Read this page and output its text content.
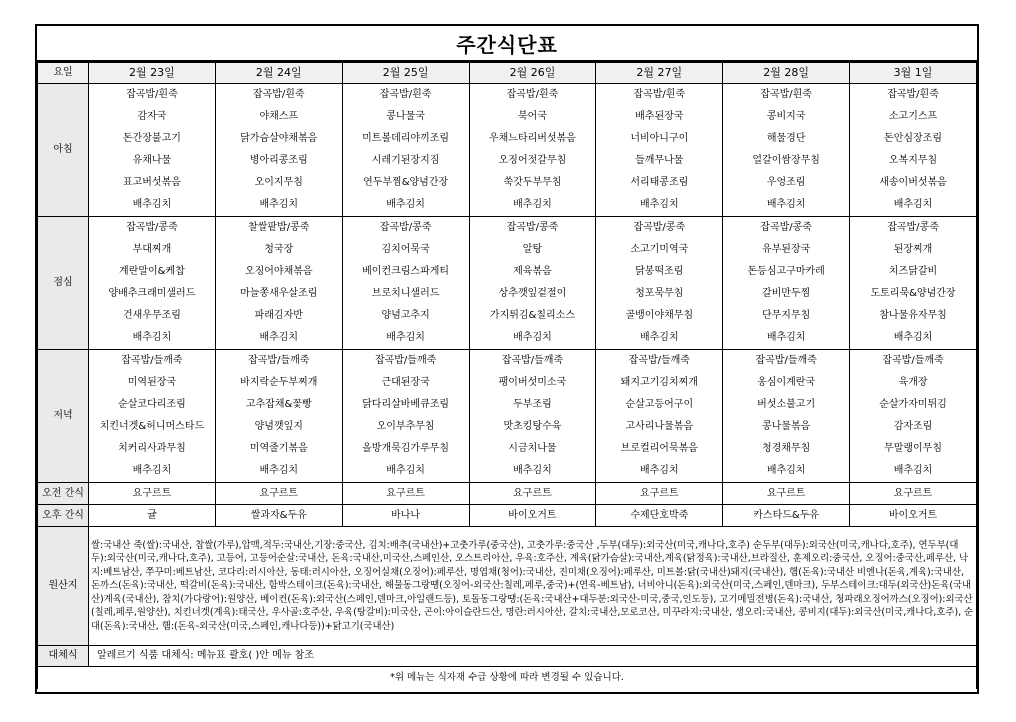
주간식단표
요일	2월 23일	2월 24일	2월 25일	2월 26일	2월 27일	2월 28일	3월 1일
아침	잡곡밥/흰죽	잡곡밥/흰죽	잡곡밥/흰죽	잡곡밥/흰죽	잡곡밥/흰죽	잡곡밥/흰죽	잡곡밥/흰죽
	감자국	야채스프	콩나물국	북어국	배추된장국	콩비지국	소고기스프
	돈간장불고기	닭가슴살야채볶음	미트볼데리야끼조림	우채느타리버섯볶음	너비아니구이	해물경단	돈안심장조림
	유채나물	병아리콩조림	시레기된장지짐	오징어젓갈무침	들깨무나물	얼갈이쌈장무침	오복지무침
	표고버섯볶음	오이지무침	연두부찜&양념간장	쑥갓두부무침	서리태콩조림	우엉조림	새송이버섯볶음
	배추김치	배추김치	배추김치	배추김치	배추김치	배추김치	배추김치
점심	잡곡밥/콩죽	찰쌀팥밥/콩죽	잡곡밥/콩죽	잡곡밥/콩죽	잡곡밥/콩죽	잡곡밥/콩죽	잡곡밥/콩죽
	부대찌개	청국장	김치어묵국	알탕	소고기미역국	유부된장국	된장찌개
	계란말이&케찹	오징어야채볶음	베이컨크림스파게티	제육볶음	닭봉떡조림	돈등심고구마카레	치즈닭갈비
	양배추크래미샐러드	마늘쫑새우살조림	브로치니샐러드	상추깻잎겉절이	청포묵무침	갈비만두찜	도토리묵&양념간장
	건새우무조림	파래김자반	양념고추지	가지튀김&칠리소스	골뱅이야채무침	단무지무침	참나물유자무침
	배추김치	배추김치	배추김치	배추김치	배추김치	배추김치	배추김치
저녁	잡곡밥/들깨죽	잡곡밥/들깨죽	잡곡밥/들깨죽	잡곡밥/들깨죽	잡곡밥/들깨죽	잡곡밥/들깨죽	잡곡밥/들깨죽
	미역된장국	바지락순두부찌개	근대된장국	팽이버섯미소국	돼지고기김치찌개	옹심이계란국	육개장
	순살코다리조림	고추잡채&꽃빵	닭다리살바베큐조림	두부조림	순살고등어구이	버섯소불고기	순살가자미튀김
	치킨너겟&허니머스타드	양념깻잎지	오이부추무침	맛초킹탕수육	고사리나물볶음	콩나물볶음	감자조림
	치커리사과무침	미역줄기볶음	올방개묵김가루무침	시금치나물	브로컬리어묵볶음	청경채무침	무말랭이무침
	배추김치	배추김치	배추김치	배추김치	배추김치	배추김치	배추김치
오전 간식	요구르트	요구르트	요구르트	요구르트	요구르트	요구르트	요구르트
오후 간식	귤	쌀과자&두유	바나나	바이오거트	수제단호박죽	카스타드&두유	바이오거트
원산지	쌀:국내산 죽(쌀):국내산, 찹쌀(가루),압맥,적두:국내산,기장:중국산, 김치:배추(국내산)+고춧가루(중국산), 고춧가루:중국산 ,두부(대두):외국산(미국,캐나다,호주) 순두부(대두):외국산(미국,캐나다,호주), 연두부(대두):외국산(미국,캐나다,호주), 고등어, 고등어순살:국내산, 돈육:국내산,미국산,스페인산, 오스트리아산, 우육:호주산, 계육(닭가슴살):국내산,계육(닭정육):국내산,브라질산, 훈제오리:중국산, 오징어:중국산,페루산, 낙지:베트남산, 쭈꾸미:베트남산, 코다리:러시아산, 동태:러시아산, 오징어실채(오징어):페루산, 명엽채(청어):국내산, 진미채(오징어):페루산, 미트볼:닭(국내산)돼지(국내산), 햄(돈육):국내산 비엔나(돈육,계육):국내산, 돈까스(돈육):국내산, 떡갈비(돈육):국내산, 함박스테이크(돈육):국내산, 해물동그랑땡(오징어-외국산:칠레,페루,중국)+(연육-베트남), 너비아니(돈육):외국산(미국,스페인,덴마크), 두부스테이크:대두(외국산)돈육(국내산)계육(국내산), 참치(가다랑어):원양산, 베이컨(돈육):외국산(스페인,덴마크,아일랜드등), 토돌동그랑땡:(돈육:국내산+대두분:외국산-미국,중국,인도등), 고기메밀전병(돈육):국내산, 청파래오징어까스(오징어):외국산(칠레,페루,원양산), 치킨너겟(계육):태국산, 우사골:호주산, 우육(탕갈비):미국산, 곤이:아이슬란드산, 명란:러시아산, 갈치:국내산,모로코산, 미꾸라지:국내산, 생오리:국내산, 콩비지(대두):외국산(미국,캐나다,호주), 순대(돈육):국내산, 햄:(돈육-외국산(미국,스페인,캐나다등))+닭고기(국내산)						
대체식	알레르기 식품 대체식: 메뉴표 괄호( )안 메뉴 참조						
*위 메뉴는 식자재 수급 상황에 따라 변경될 수 있습니다.							
